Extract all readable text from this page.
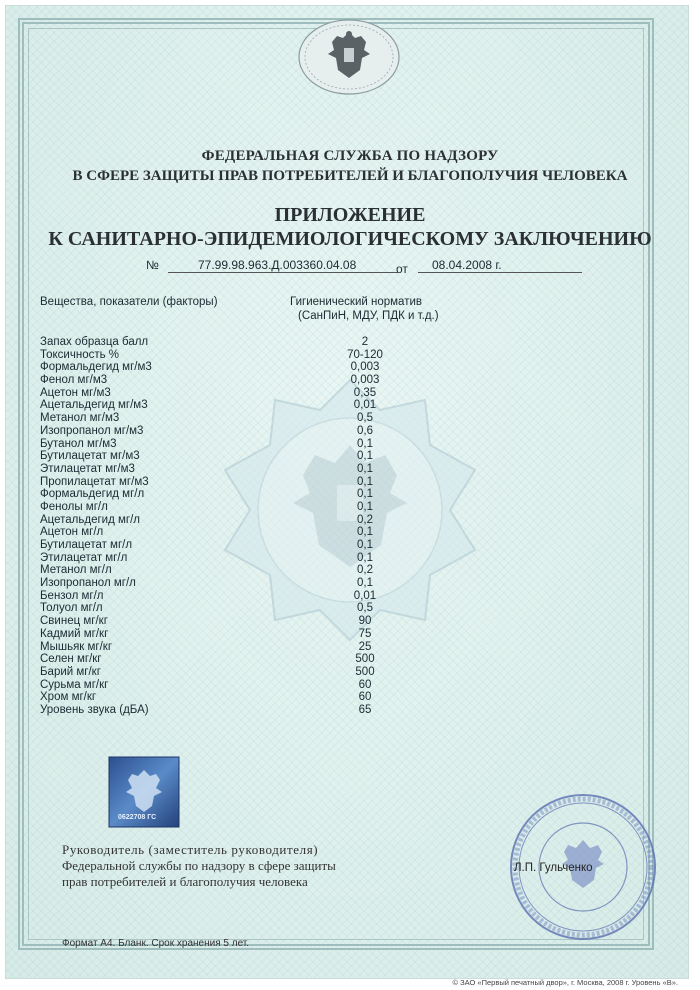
ФЕДЕРАЛЬНАЯ СЛУЖБА ПО НАДЗОРУ
В СФЕРЕ ЗАЩИТЫ ПРАВ ПОТРЕБИТЕЛЕЙ И БЛАГОПОЛУЧИЯ ЧЕЛОВЕКА
ПРИЛОЖЕНИЕ
К САНИТАРНО-ЭПИДЕМИОЛОГИЧЕСКОМУ ЗАКЛЮЧЕНИЮ
№	77.99.98.963.Д.003360.04.08	от	08.04.2008 г.
Вещества, показатели (факторы)	Гигиенический норматив
(СанПиН, МДУ, ПДК и т.д.)
Запах образца балл	2
Токсичность %	70-120
Формальдегид мг/м3	0,003
Фенол мг/м3	0,003
Ацетон мг/м3	0,35
Ацетальдегид мг/м3	0,01
Метанол мг/м3	0,5
Изопропанол мг/м3	0,6
Бутанол мг/м3	0,1
Бутилацетат мг/м3	0,1
Этилацетат мг/м3	0,1
Пропилацетат мг/м3	0,1
Формальдегид мг/л	0,1
Фенолы мг/л	0,1
Ацетальдегид мг/л	0,2
Ацетон мг/л	0,1
Бутилацетат мг/л	0,1
Этилацетат мг/л	0,1
Метанол мг/л	0,2
Изопропанол мг/л	0,1
Бензол мг/л	0,01
Толуол мг/л	0,5
Свинец мг/кг	90
Кадмий мг/кг	75
Мышьяк мг/кг	25
Селен мг/кг	500
Барий мг/кг	500
Сурьма мг/кг	60
Хром мг/кг	60
Уровень звука (дБА)	65
0622708 ГС
Руководитель (заместитель руководителя)
Федеральной службы по надзору в сфере защиты
прав потребителей и благополучия человека
Л.П. Гульченко
Формат А4. Бланк. Срок хранения 5 лет.
© ЗАО «Первый печатный двор», г. Москва, 2008 г. Уровень «В».
